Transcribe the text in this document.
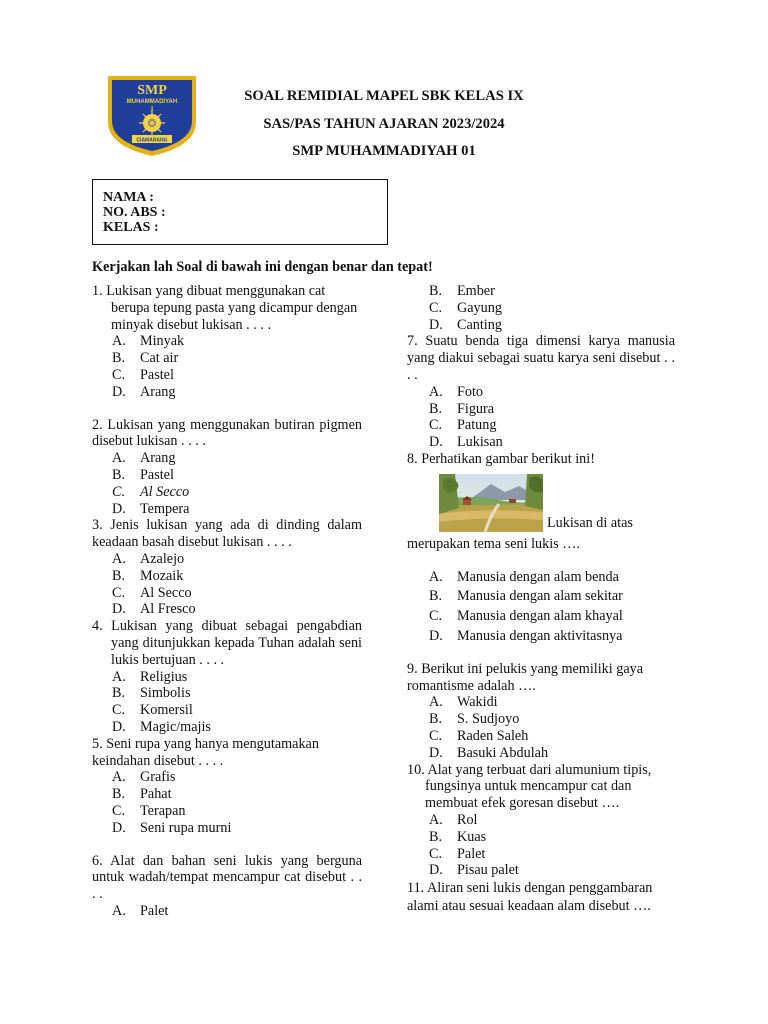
SMP
MUHAMMADIYAH
1
CIAMARANG
SOAL REMIDIAL MAPEL SBK KELAS IX
SAS/PAS TAHUN AJARAN 2023/2024
SMP MUHAMMADIYAH 01
NAMA :
NO. ABS :
KELAS :
Kerjakan lah Soal di bawah ini dengan benar dan tepat!

1. Lukisan yang dibuat menggunakan cat berupa tepung pasta yang dicampur dengan minyak disebut lukisan . . . .

A.	Minyak
B.	Cat air
C.	Pastel
D.	Arang

2. Lukisan yang menggunakan butiran pigmen disebut lukisan . . . .

A.	Arang
B.	Pastel
C.	Al Secco
D.	Tempera

3. Jenis lukisan yang ada di dinding dalam keadaan basah disebut lukisan . . . .

A.	Azalejo
B.	Mozaik
C.	Al Secco
D.	Al Fresco

4. Lukisan yang dibuat sebagai pengabdian yang ditunjukkan kepada Tuhan adalah seni lukis bertujuan . . . .

A.	Religius
B.	Simbolis
C.	Komersil
D.	Magic/majis

5. Seni rupa yang hanya mengutamakan keindahan disebut . . . .

A.	Grafis
B.	Pahat
C.	Terapan
D.	Seni rupa murni

6. Alat dan bahan seni lukis yang berguna untuk wadah/tempat mencampur cat disebut . . . .

A.	Palet
B.	Ember
C.	Gayung
D.	Canting

7. Suatu benda tiga dimensi karya manusia yang diakui sebagai suatu karya seni disebut . . . .

A.	Foto
B.	Figura
C.	Patung
D.	Lukisan

8. Perhatikan gambar berikut ini!

Lukisan di atas

merupakan tema seni lukis ….

A.	Manusia dengan alam benda
B.	Manusia dengan alam sekitar
C.	Manusia dengan alam khayal
D.	Manusia dengan aktivitasnya

9. Berikut ini pelukis yang memiliki gaya romantisme adalah ….

A.	Wakidi
B.	S. Sudjoyo
C.	Raden Saleh
D.	Basuki Abdulah

10. Alat yang terbuat dari alumunium tipis, fungsinya untuk mencampur cat dan membuat efek goresan disebut ….

A.	Rol
B.	Kuas
C.	Palet
D.	Pisau palet

11. Aliran seni lukis dengan penggambaran alami atau sesuai keadaan alam disebut ….
